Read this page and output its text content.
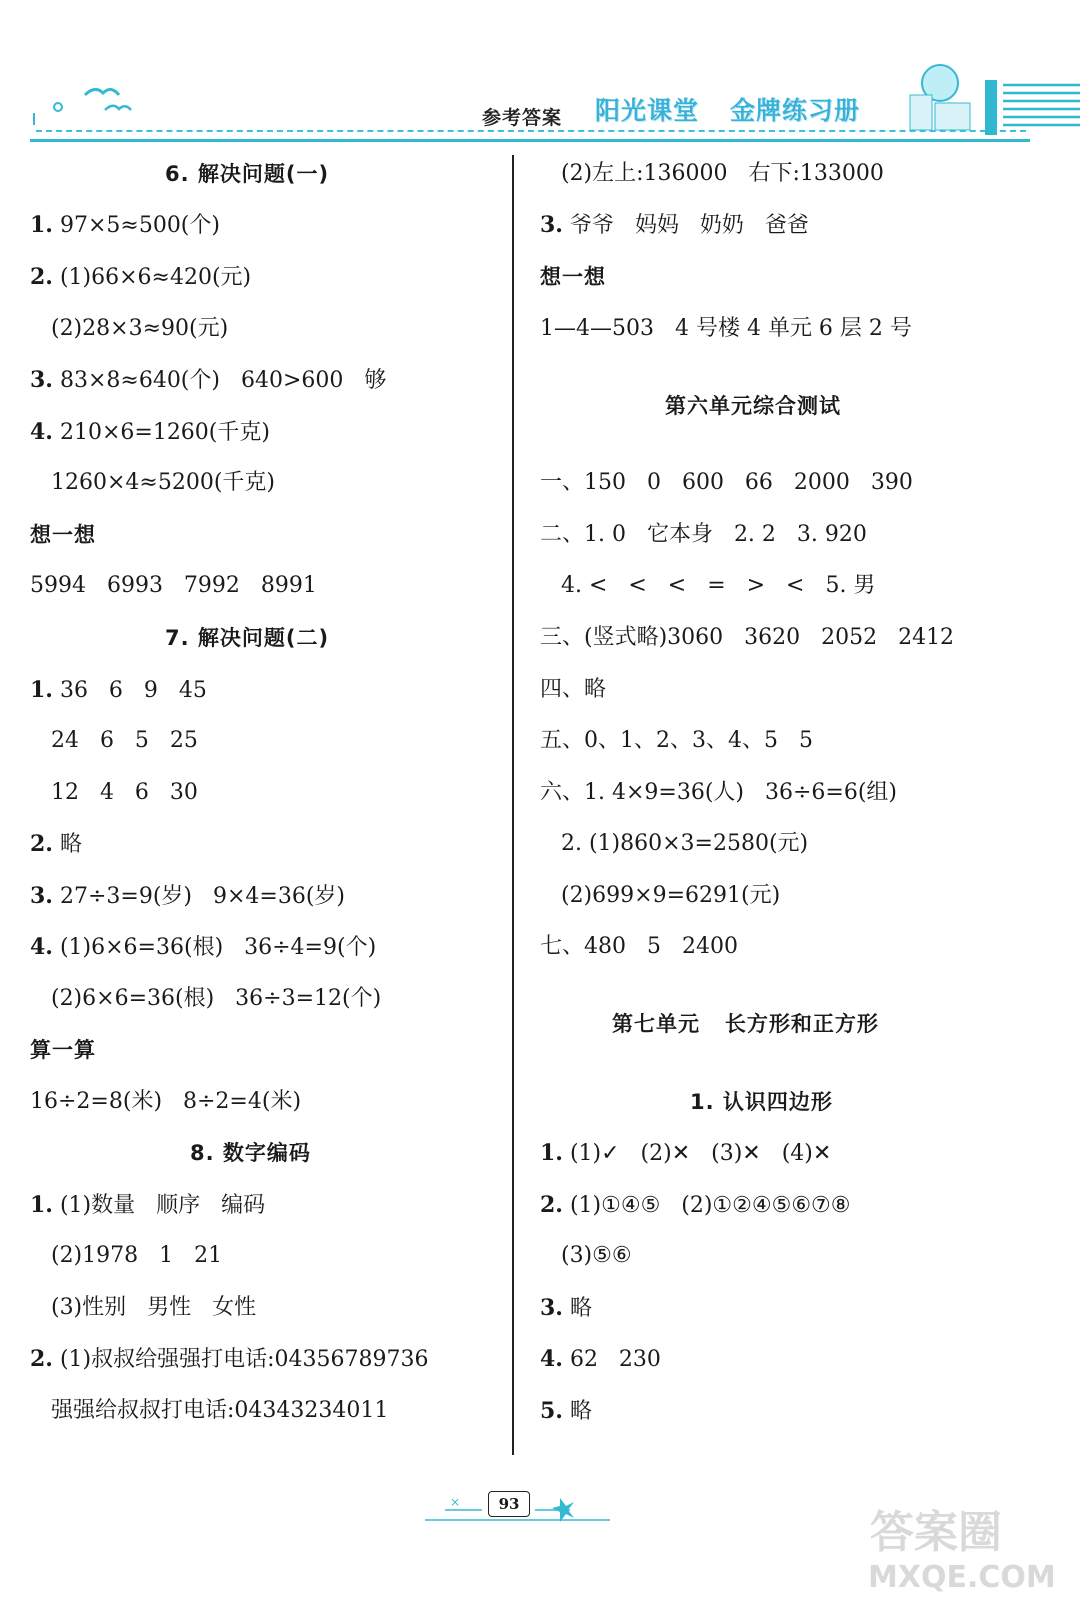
参考答案 阳光课堂 金牌练习册
6. 解决问题(一)
1. 97×5≈500(个)
2. (1)66×6≈420(元)
(2)28×3≈90(元)
3. 83×8≈640(个)   640>600   够
4. 210×6=1260(千克)
1260×4≈5200(千克)
想一想
5994   6993   7992   8991
7. 解决问题(二)
1. 36   6   9   45
24   6   5   25
12   4   6   30
2. 略
3. 27÷3=9(岁)   9×4=36(岁)
4. (1)6×6=36(根)   36÷4=9(个)
(2)6×6=36(根)   36÷3=12(个)
算一算
16÷2=8(米)   8÷2=4(米)
8. 数字编码
1. (1)数量   顺序   编码
(2)1978   1   21
(3)性别   男性   女性
2. (1)叔叔给强强打电话:04356789736
强强给叔叔打电话:04343234011
(2)左上:136000   右下:133000
3. 爷爷   妈妈   奶奶   爸爸
想一想
1—4—503   4 号楼 4 单元 6 层 2 号
第六单元综合测试
一、150   0   600   66   2000   390
二、1. 0   它本身   2. 2   3. 920
4. <   <   <   =   >   <   5. 男
三、(竖式略)3060   3620   2052   2412
四、略
五、0、1、2、3、4、5   5
六、1. 4×9=36(人)   36÷6=6(组)
2. (1)860×3=2580(元)
(2)699×9=6291(元)
七、480   5   2400
第七单元   长方形和正方形
1. 认识四边形
1. (1)✓   (2)✕   (3)✕   (4)✕
2. (1)①④⑤   (2)①②④⑤⑥⑦⑧
(3)⑤⑥
3. 略
4. 62   230
5. 略
×	93
答案圈
MXQE.COM
